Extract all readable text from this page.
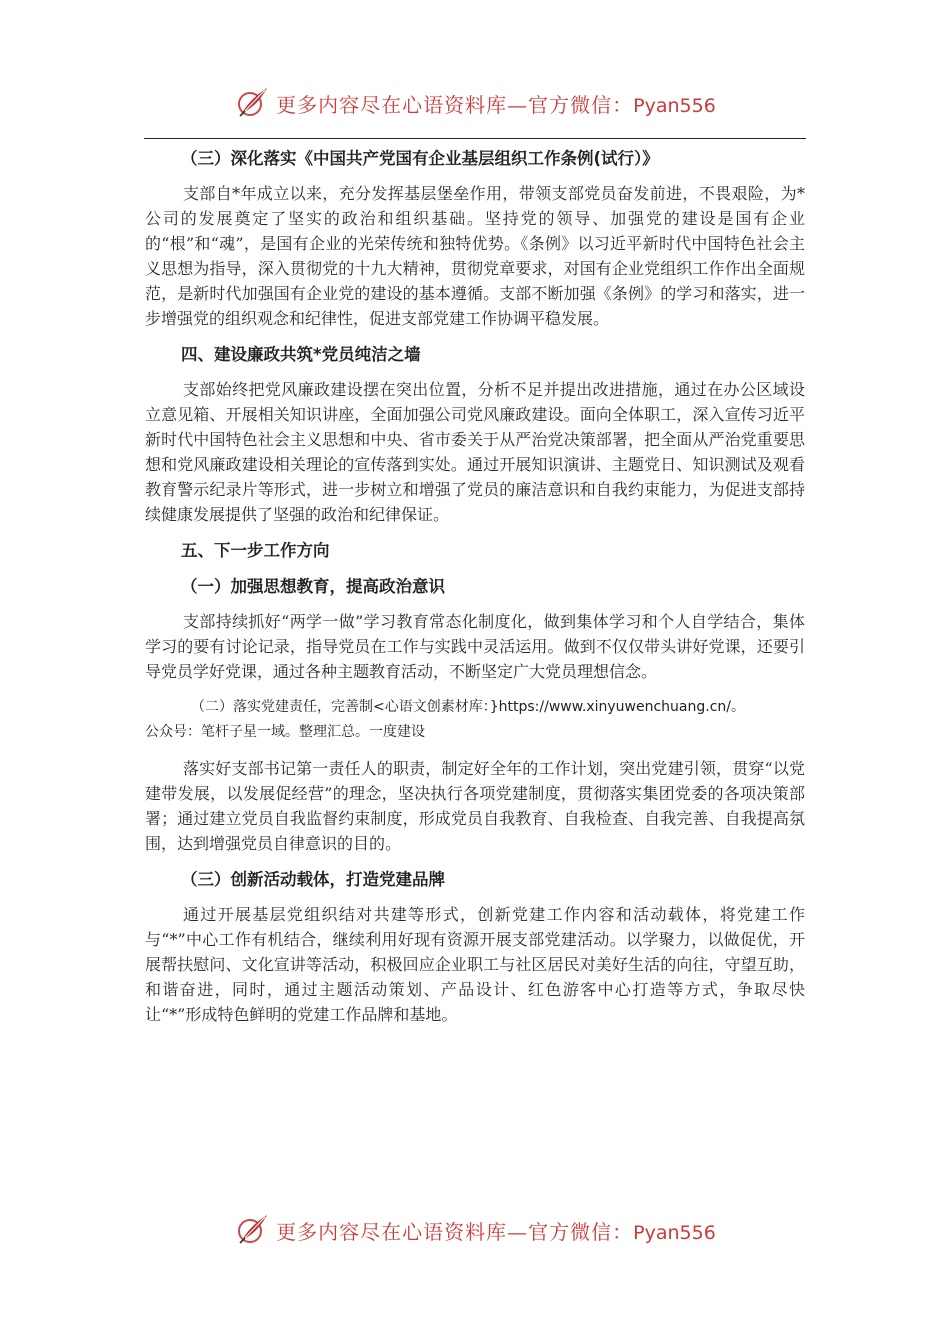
更多内容尽在心语资料库—官方微信：Pyan556
（三）深化落实《中国共产党国有企业基层组织工作条例(试行）》

支部自*年成立以来，充分发挥基层堡垒作用，带领支部党员奋发前进，不畏艰险，为*公司的发展奠定了坚实的政治和组织基础。坚持党的领导、加强党的建设是国有企业的“根”和“魂”，是国有企业的光荣传统和独特优势。《条例》以习近平新时代中国特色社会主义思想为指导，深入贯彻党的十九大精神，贯彻党章要求，对国有企业党组织工作作出全面规范，是新时代加强国有企业党的建设的基本遵循。支部不断加强《条例》的学习和落实，进一步增强党的组织观念和纪律性，促进支部党建工作协调平稳发展。

四、建设廉政共筑*党员纯洁之墙

支部始终把党风廉政建设摆在突出位置，分析不足并提出改进措施，通过在办公区域设立意见箱、开展相关知识讲座，全面加强公司党风廉政建设。面向全体职工，深入宣传习近平新时代中国特色社会主义思想和中央、省市委关于从严治党决策部署，把全面从严治党重要思想和党风廉政建设相关理论的宣传落到实处。通过开展知识演讲、主题党日、知识测试及观看教育警示纪录片等形式，进一步树立和增强了党员的廉洁意识和自我约束能力，为促进支部持续健康发展提供了坚强的政治和纪律保证。

五、下一步工作方向
（一）加强思想教育，提高政治意识

支部持续抓好“两学一做”学习教育常态化制度化，做到集体学习和个人自学结合，集体学习的要有讨论记录，指导党员在工作与实践中灵活运用。做到不仅仅带头讲好党课，还要引导党员学好党课，通过各种主题教育活动，不断坚定广大党员理想信念。

（二）落实党建责任，完善制<心语文创素材库：}https://www.xinyuwenchuang.cn/。
公众号：笔杆子星一域。整理汇总。一度建设

落实好支部书记第一责任人的职责，制定好全年的工作计划，突出党建引领，贯穿“以党建带发展，以发展促经营”的理念，坚决执行各项党建制度，贯彻落实集团党委的各项决策部署；通过建立党员自我监督约束制度，形成党员自我教育、自我检查、自我完善、自我提高氛围，达到增强党员自律意识的目的。

（三）创新活动载体，打造党建品牌

通过开展基层党组织结对共建等形式，创新党建工作内容和活动载体，将党建工作与“*”中心工作有机结合，继续利用好现有资源开展支部党建活动。以学聚力，以做促优，开展帮扶慰问、文化宣讲等活动，积极回应企业职工与社区居民对美好生活的向往，守望互助，和谐奋进，同时，通过主题活动策划、产品设计、红色游客中心打造等方式，争取尽快让“*”形成特色鲜明的党建工作品牌和基地。

更多内容尽在心语资料库—官方微信：Pyan556
